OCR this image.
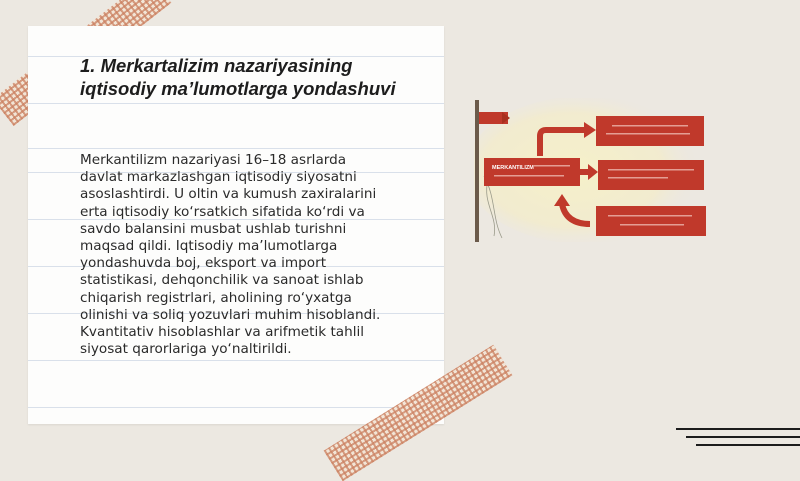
1. Merkartalizim nazariyasining
iqtisodiy ma’lumotlarga yondashuvi

Merkantilizm nazariyasi 16–18 asrlarda
davlat markazlashgan iqtisodiy siyosatni
asoslashtirdi. U oltin va kumush zaxiralarini
erta iqtisodiy ko‘rsatkich sifatida ko‘rdi va
savdo balansini musbat ushlab turishni
maqsad qildi. Iqtisodiy ma’lumotlarga
yondashuvda boj, eksport va import
statistikasi, dehqonchilik va sanoat ishlab
chiqarish registrlari, aholining ro‘yxatga
olinishi va soliq yozuvlari muhim hisoblandi.
Kvantitativ hisoblashlar va arifmetik tahlil
siyosat qarorlariga yo‘naltirildi.

MERKANTILIZM
